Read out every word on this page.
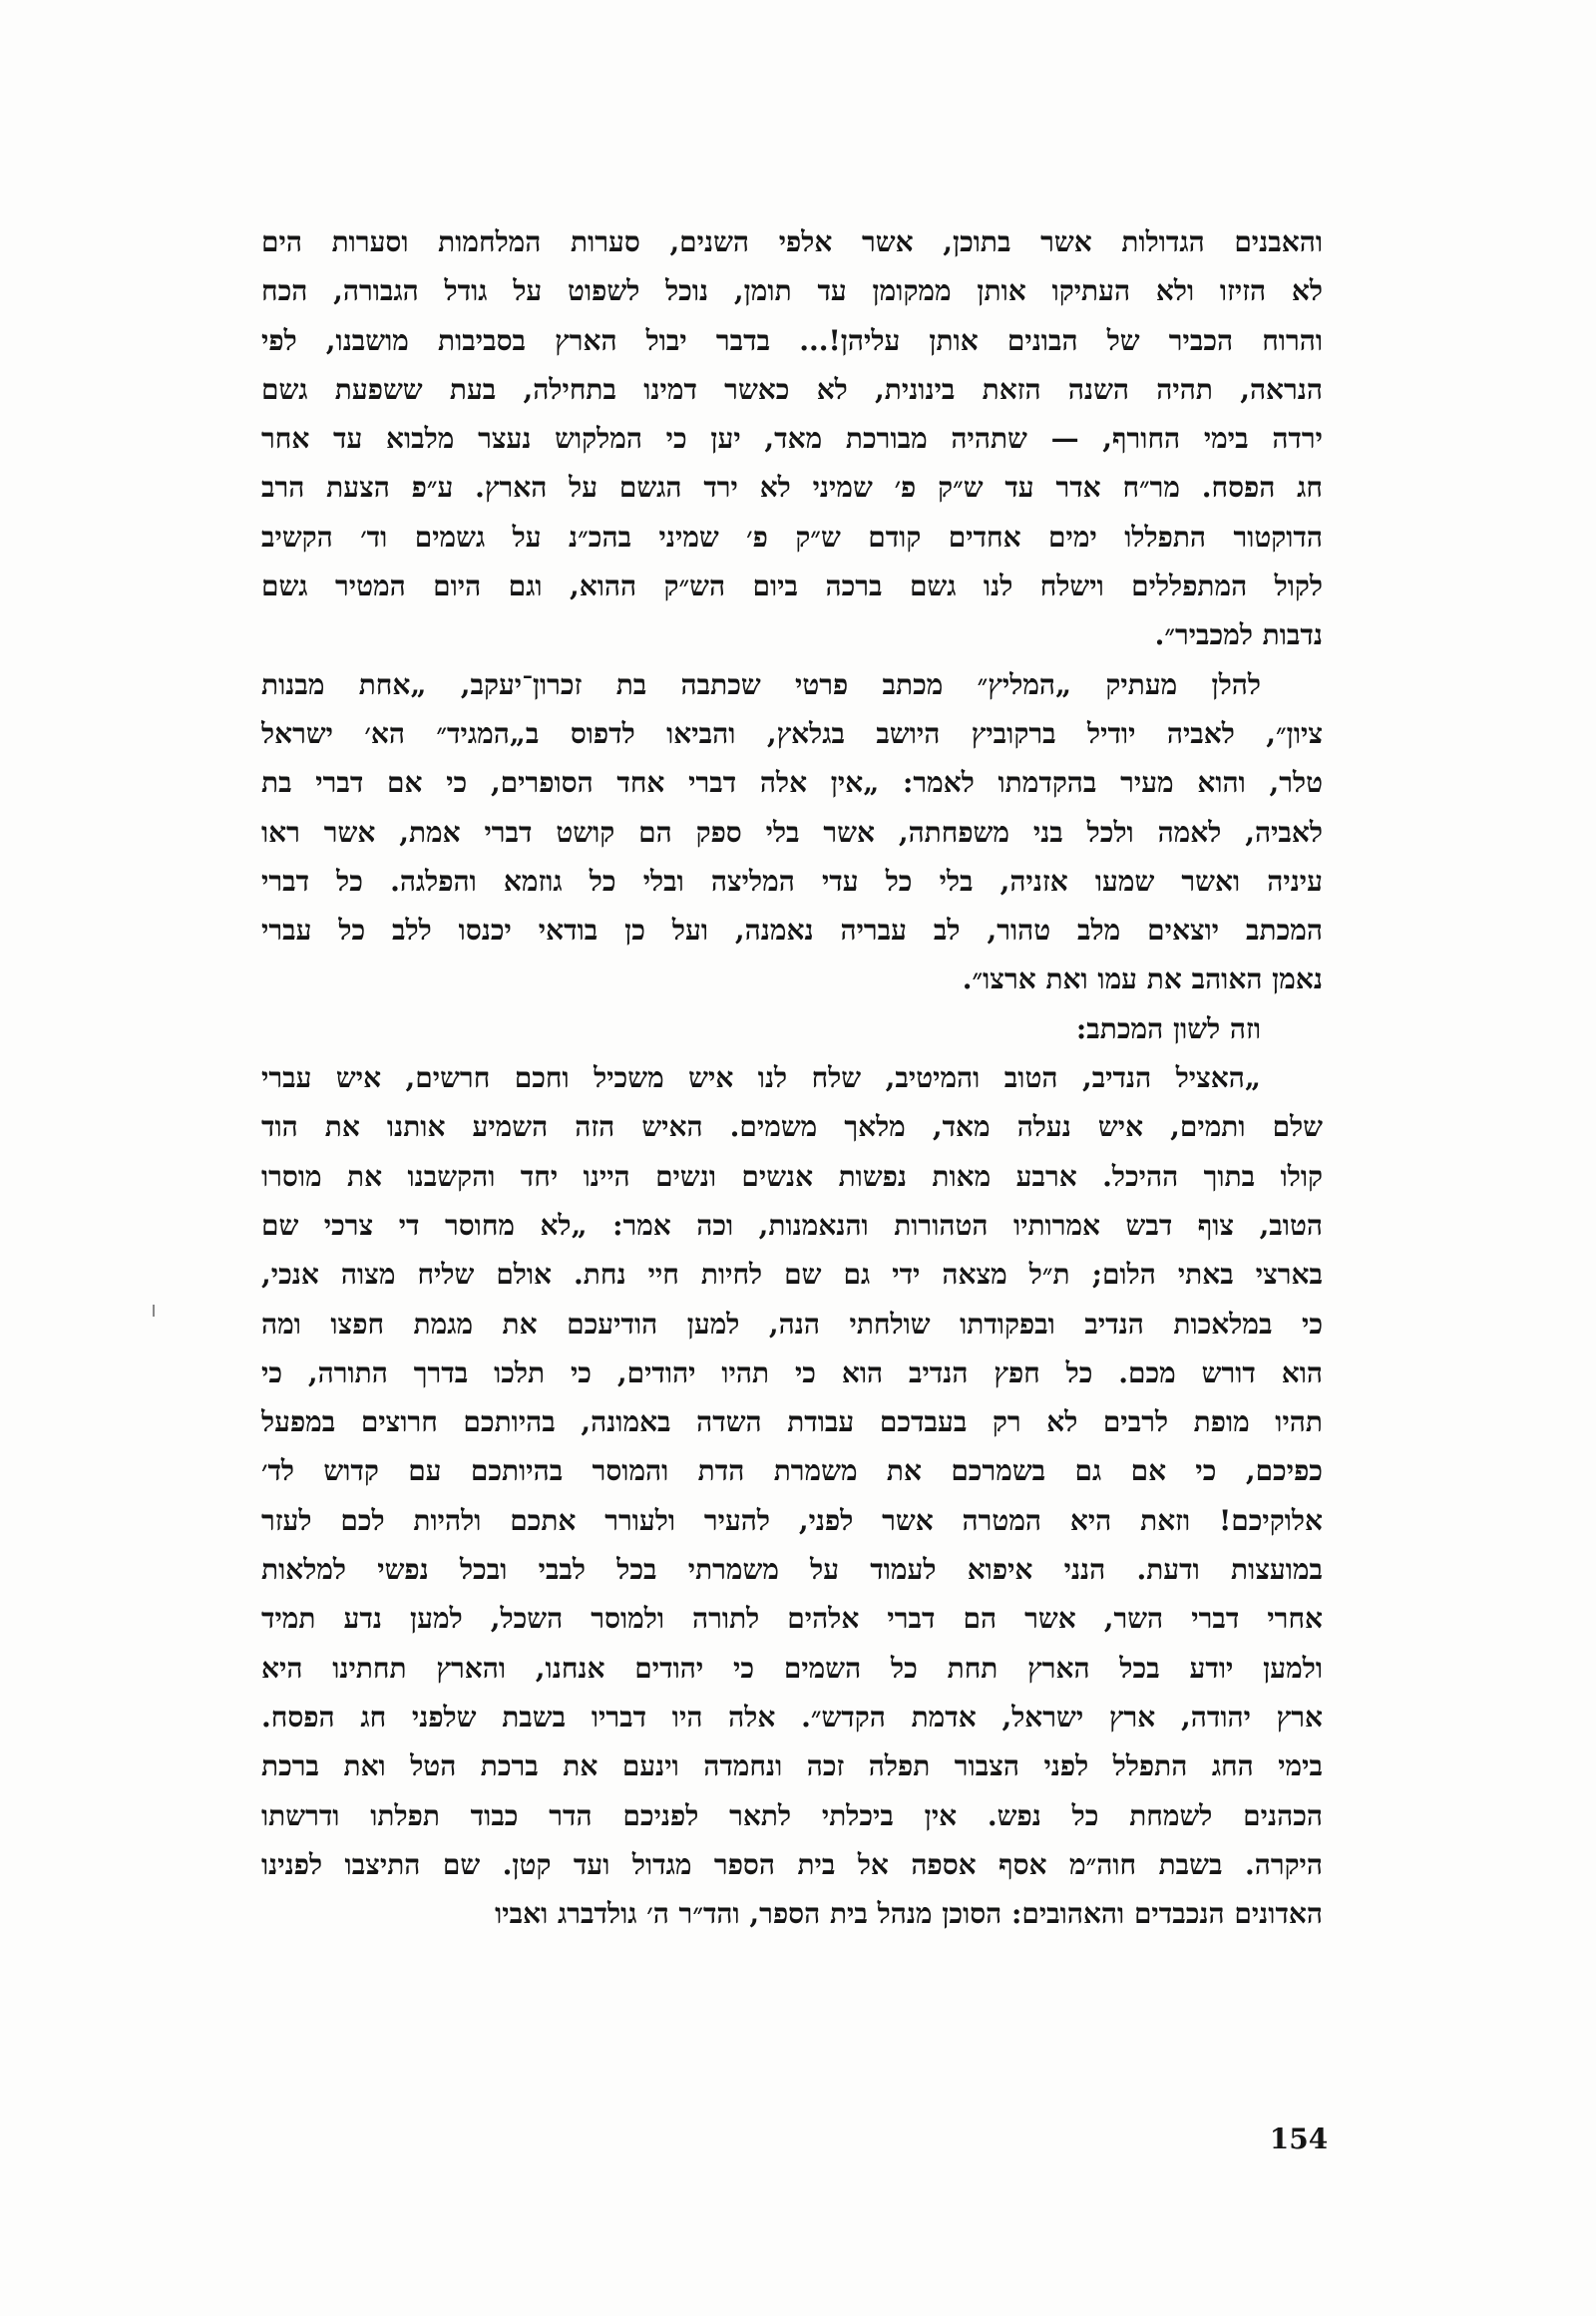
והאבנים הגדולות אשר בתוכן, אשר אלפי השנים, סערות המלחמות וסערות הים
לא הזיזו ולא העתיקו אותן ממקומן עד תומן, נוכל לשפוט על גודל הגבורה, הכח
והרוח הכביר של הבונים אותן עליהן!... בדבר יבול הארץ בסביבות מושבנו, לפי
הנראה, תהיה השנה הזאת בינונית, לא כאשר דמינו בתחילה, בעת ששפעת גשם
ירדה בימי החורף, — שתהיה מבורכת מאד, יען כי המלקוש נעצר מלבוא עד אחר
חג הפסח. מר״ח אדר עד ש״ק פ׳ שמיני לא ירד הגשם על הארץ. ע״פ הצעת הרב
הדוקטור התפללו ימים אחדים קודם ש״ק פ׳ שמיני בהכ״נ על גשמים וד׳ הקשיב
לקול המתפללים וישלח לנו גשם ברכה ביום הש״ק ההוא, וגם היום המטיר גשם
נדבות למכביר״.
להלן מעתיק „המליץ״ מכתב פרטי שכתבה בת זכרון־יעקב, „אחת מבנות
ציון״, לאביה יודיל ברקוביץ היושב בגלאץ, והביאו לדפוס ב„המגיד״ הא׳ ישראל
טלר, והוא מעיר בהקדמתו לאמר: „אין אלה דברי אחד הסופרים, כי אם דברי בת
לאביה, לאמה ולכל בני משפחתה, אשר בלי ספק הם קושט דברי אמת, אשר ראו
עיניה ואשר שמעו אזניה, בלי כל עדי המליצה ובלי כל גוזמא והפלגה. כל דברי
המכתב יוצאים מלב טהור, לב עבריה נאמנה, ועל כן בודאי יכנסו ללב כל עברי
נאמן האוהב את עמו ואת ארצו״.
וזה לשון המכתב:
„האציל הנדיב, הטוב והמיטיב, שלח לנו איש משכיל וחכם חרשים, איש עברי
שלם ותמים, איש נעלה מאד, מלאך משמים. האיש הזה השמיע אותנו את הוד
קולו בתוך ההיכל. ארבע מאות נפשות אנשים ונשים היינו יחד והקשבנו את מוסרו
הטוב, צוף דבש אמרותיו הטהורות והנאמנות, וכה אמר: „לא מחוסר די צרכי שם
בארצי באתי הלום; ת״ל מצאה ידי גם שם לחיות חיי נחת. אולם שליח מצוה אנכי,
כי במלאכות הנדיב ובפקודתו שולחתי הנה, למען הודיעכם את מגמת חפצו ומה
הוא דורש מכם. כל חפץ הנדיב הוא כי תהיו יהודים, כי תלכו בדרך התורה, כי
תהיו מופת לרבים לא רק בעבדכם עבודת השדה באמונה, בהיותכם חרוצים במפעל
כפיכם, כי אם גם בשמרכם את משמרת הדת והמוסר בהיותכם עם קדוש לד׳
אלוקיכם! וזאת היא המטרה אשר לפני, להעיר ולעורר אתכם ולהיות לכם לעזר
במועצות ודעת. הנני איפוא לעמוד על משמרתי בכל לבבי ובכל נפשי למלאות
אחרי דברי השר, אשר הם דברי אלהים לתורה ולמוסר השכל, למען נדע תמיד
ולמען יודע בכל הארץ תחת כל השמים כי יהודים אנחנו, והארץ תחתינו היא
ארץ יהודה, ארץ ישראל, אדמת הקדש״. אלה היו דבריו בשבת שלפני חג הפסח.
בימי החג התפלל לפני הצבור תפלה זכה ונחמדה וינעם את ברכת הטל ואת ברכת
הכהנים לשמחת כל נפש. אין ביכלתי לתאר לפניכם הדר כבוד תפלתו ודרשתו
היקרה. בשבת חוה״מ אסף אספה אל בית הספר מגדול ועד קטן. שם התיצבו לפנינו
האדונים הנכבדים והאהובים: הסוכן מנהל בית הספר, והד״ר ה׳ גולדברג ואביו
154
